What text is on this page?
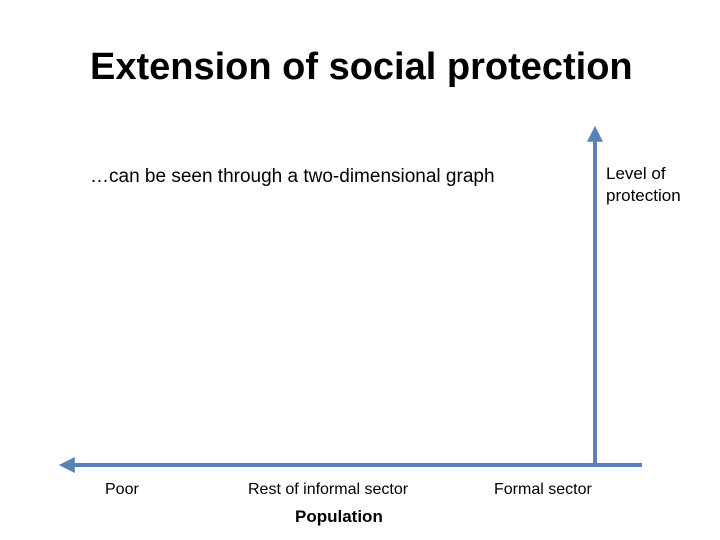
Extension of social protection
…can be seen through a two-dimensional graph	Level of
protection
Poor	Rest of informal sector	Formal sector
Population
